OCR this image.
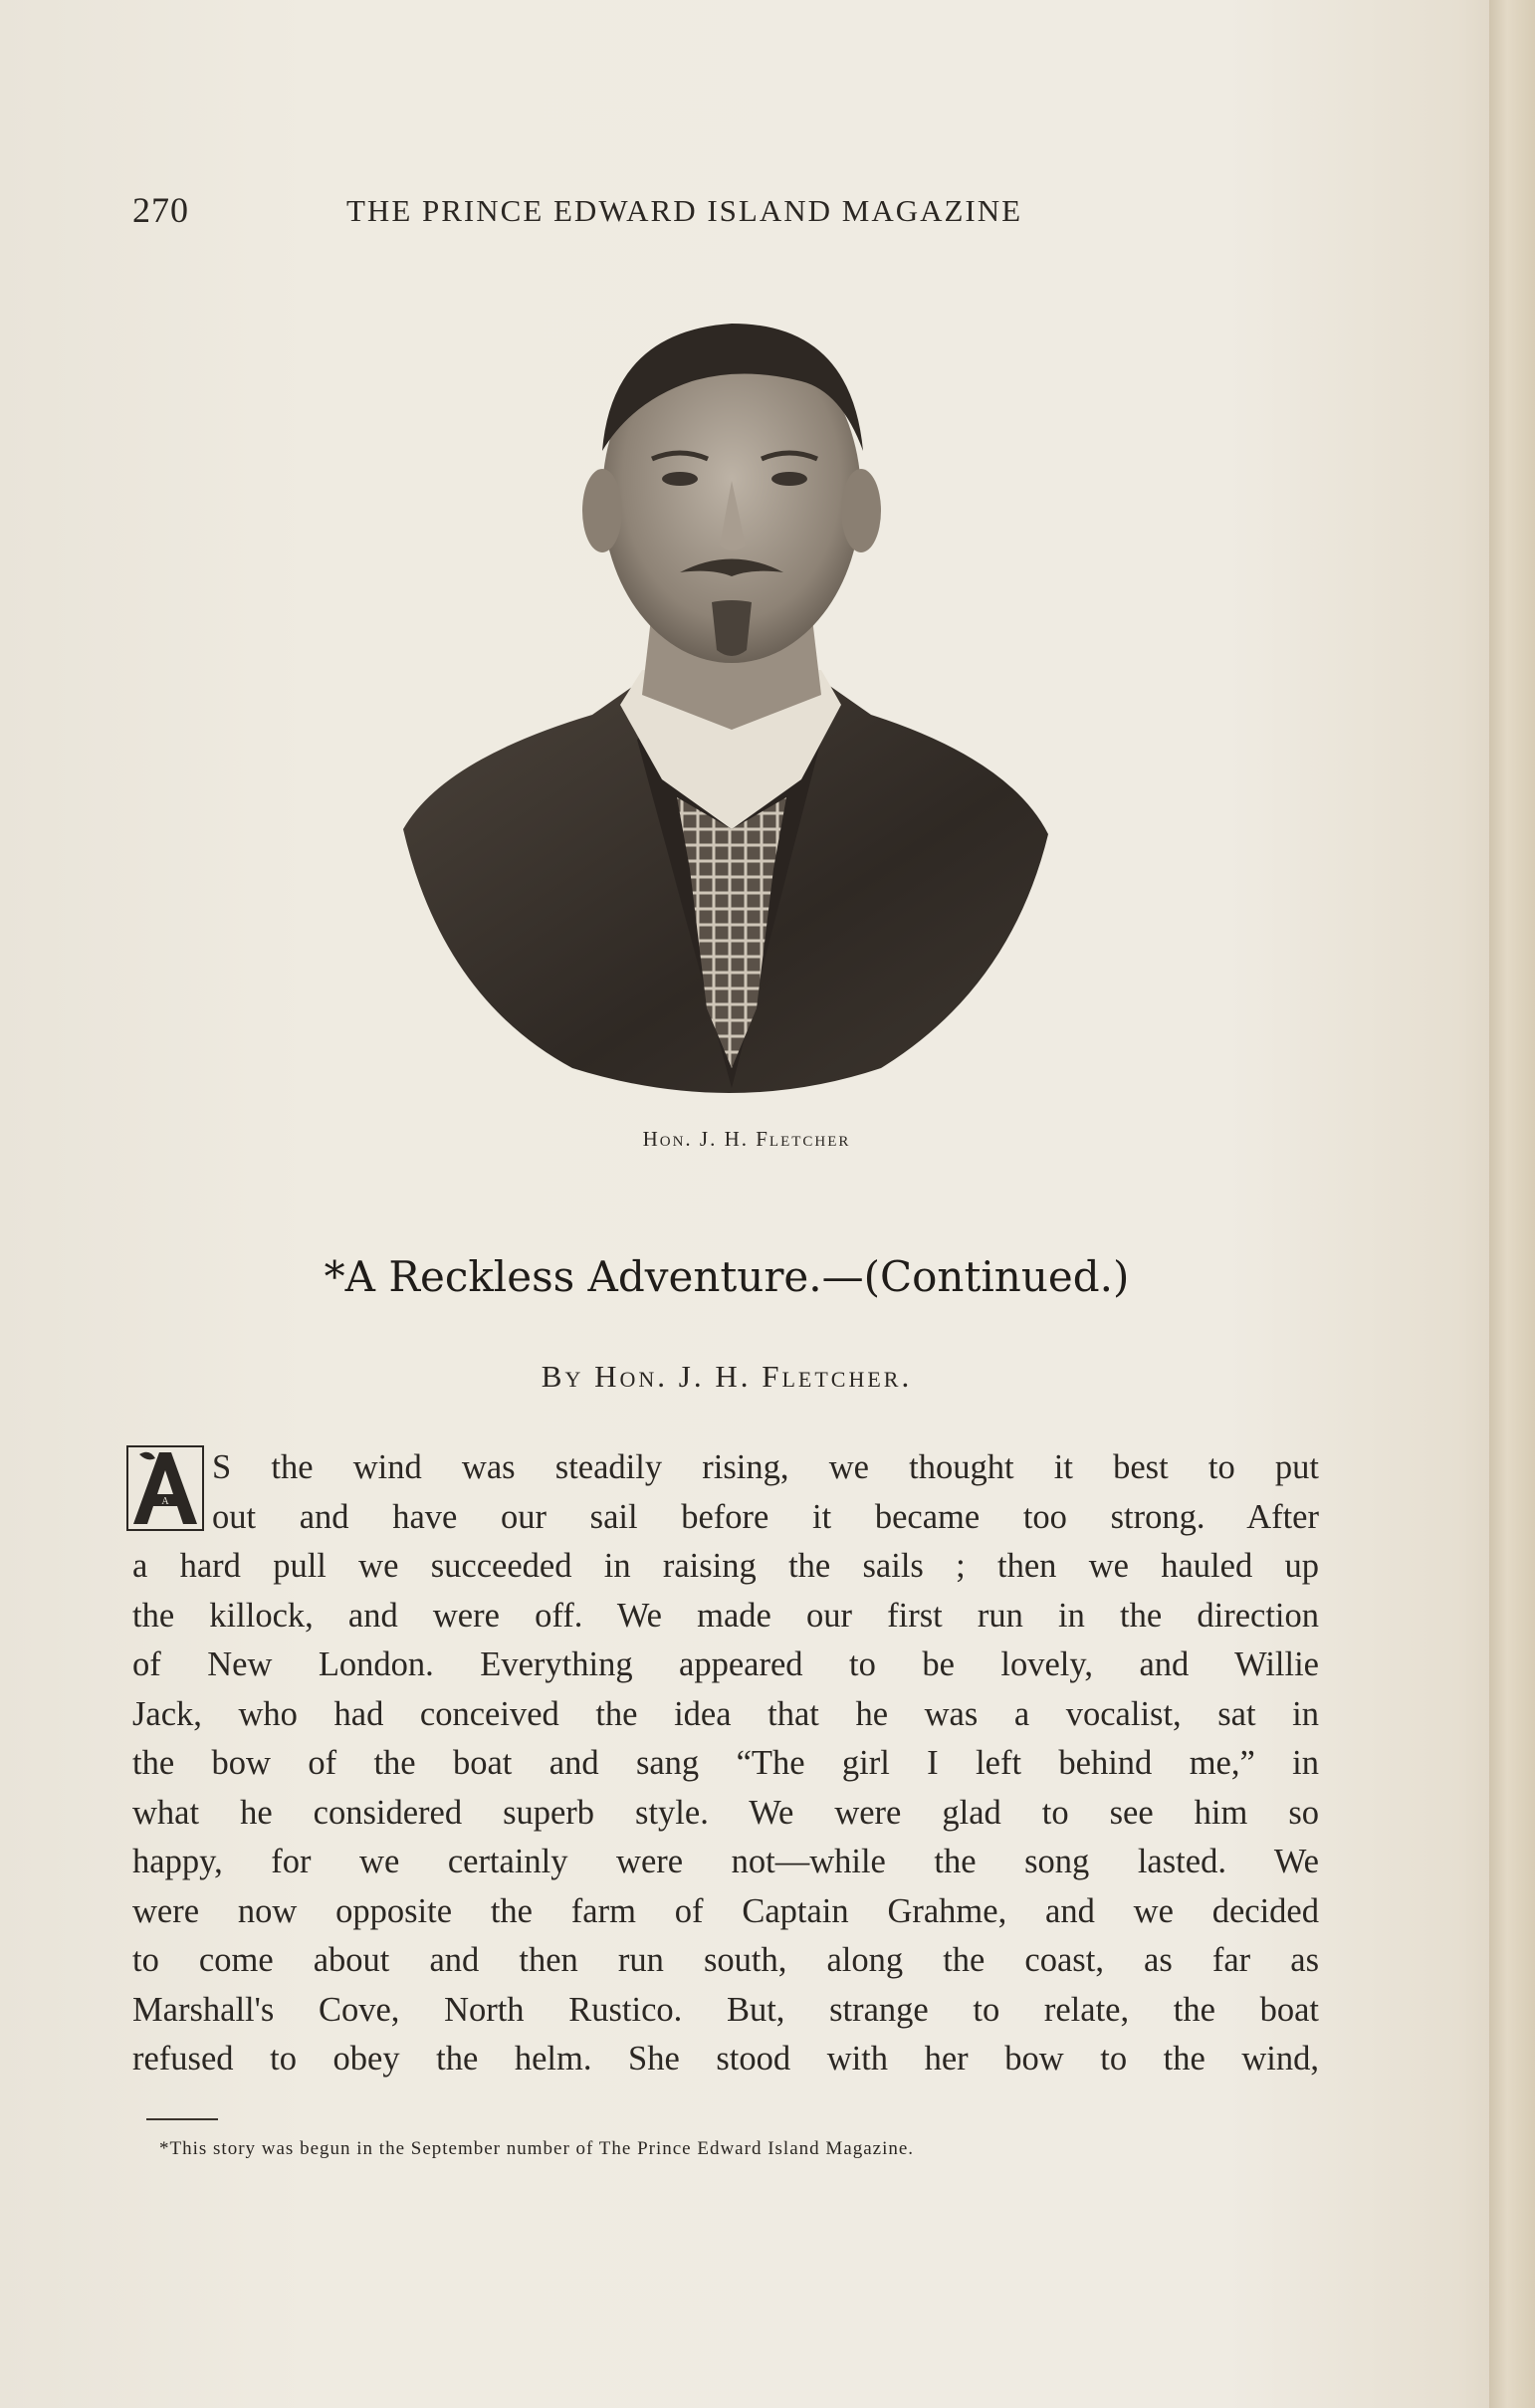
270	THE PRINCE EDWARD ISLAND MAGAZINE
Hon. J. H. Fletcher
*A Reckless Adventure.—(Continued.)
By Hon. J. H. Fletcher.
A
S the wind was steadily rising, we thought it best to put
out and have our sail before it became too strong. After
a hard pull we succeeded in raising the sails ; then we hauled up
the killock, and were off. We made our first run in the direction
of New London. Everything appeared to be lovely, and Willie
Jack, who had conceived the idea that he was a vocalist, sat in
the bow of the boat and sang “The girl I left behind me,” in
what he considered superb style. We were glad to see him so
happy, for we certainly were not—while the song lasted. We
were now opposite the farm of Captain Grahme, and we decided
to come about and then run south, along the coast, as far as
Marshall's Cove, North Rustico. But, strange to relate, the boat
refused to obey the helm. She stood with her bow to the wind,
*This story was begun in the September number of The Prince Edward Island Magazine.
